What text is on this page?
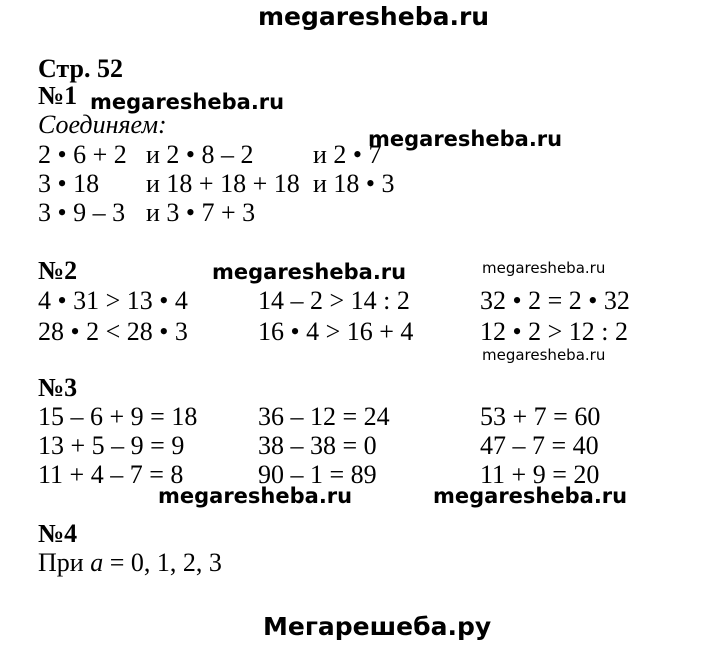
megaresheba.ru
Стр. 52
№1 megaresheba.ru
Соединяем:
2 • 6 + 2 и 2 • 8 – 2 и 2 • 7
megaresheba.ru
3 • 18 и 18 + 18 + 18 и 18 • 3
3 • 9 – 3 и 3 • 7 + 3
№2	megaresheba.ru	megaresheba.ru
4 • 31 > 13 • 4	14 – 2 > 14 : 2	32 • 2 = 2 • 32
28 • 2 < 28 • 3	16 • 4 > 16 + 4	12 • 2 > 12 : 2
megaresheba.ru
№3
15 – 6 + 9 = 18 36 – 12 = 24	53 + 7 = 60
13 + 5 – 9 = 9	38 – 38 = 0	47 – 7 = 40
11 + 4 – 7 = 8	90 – 1 = 89	11 + 9 = 20
megaresheba.ru	megaresheba.ru
№4
При a = 0, 1, 2, 3
Мегарешеба.ру
